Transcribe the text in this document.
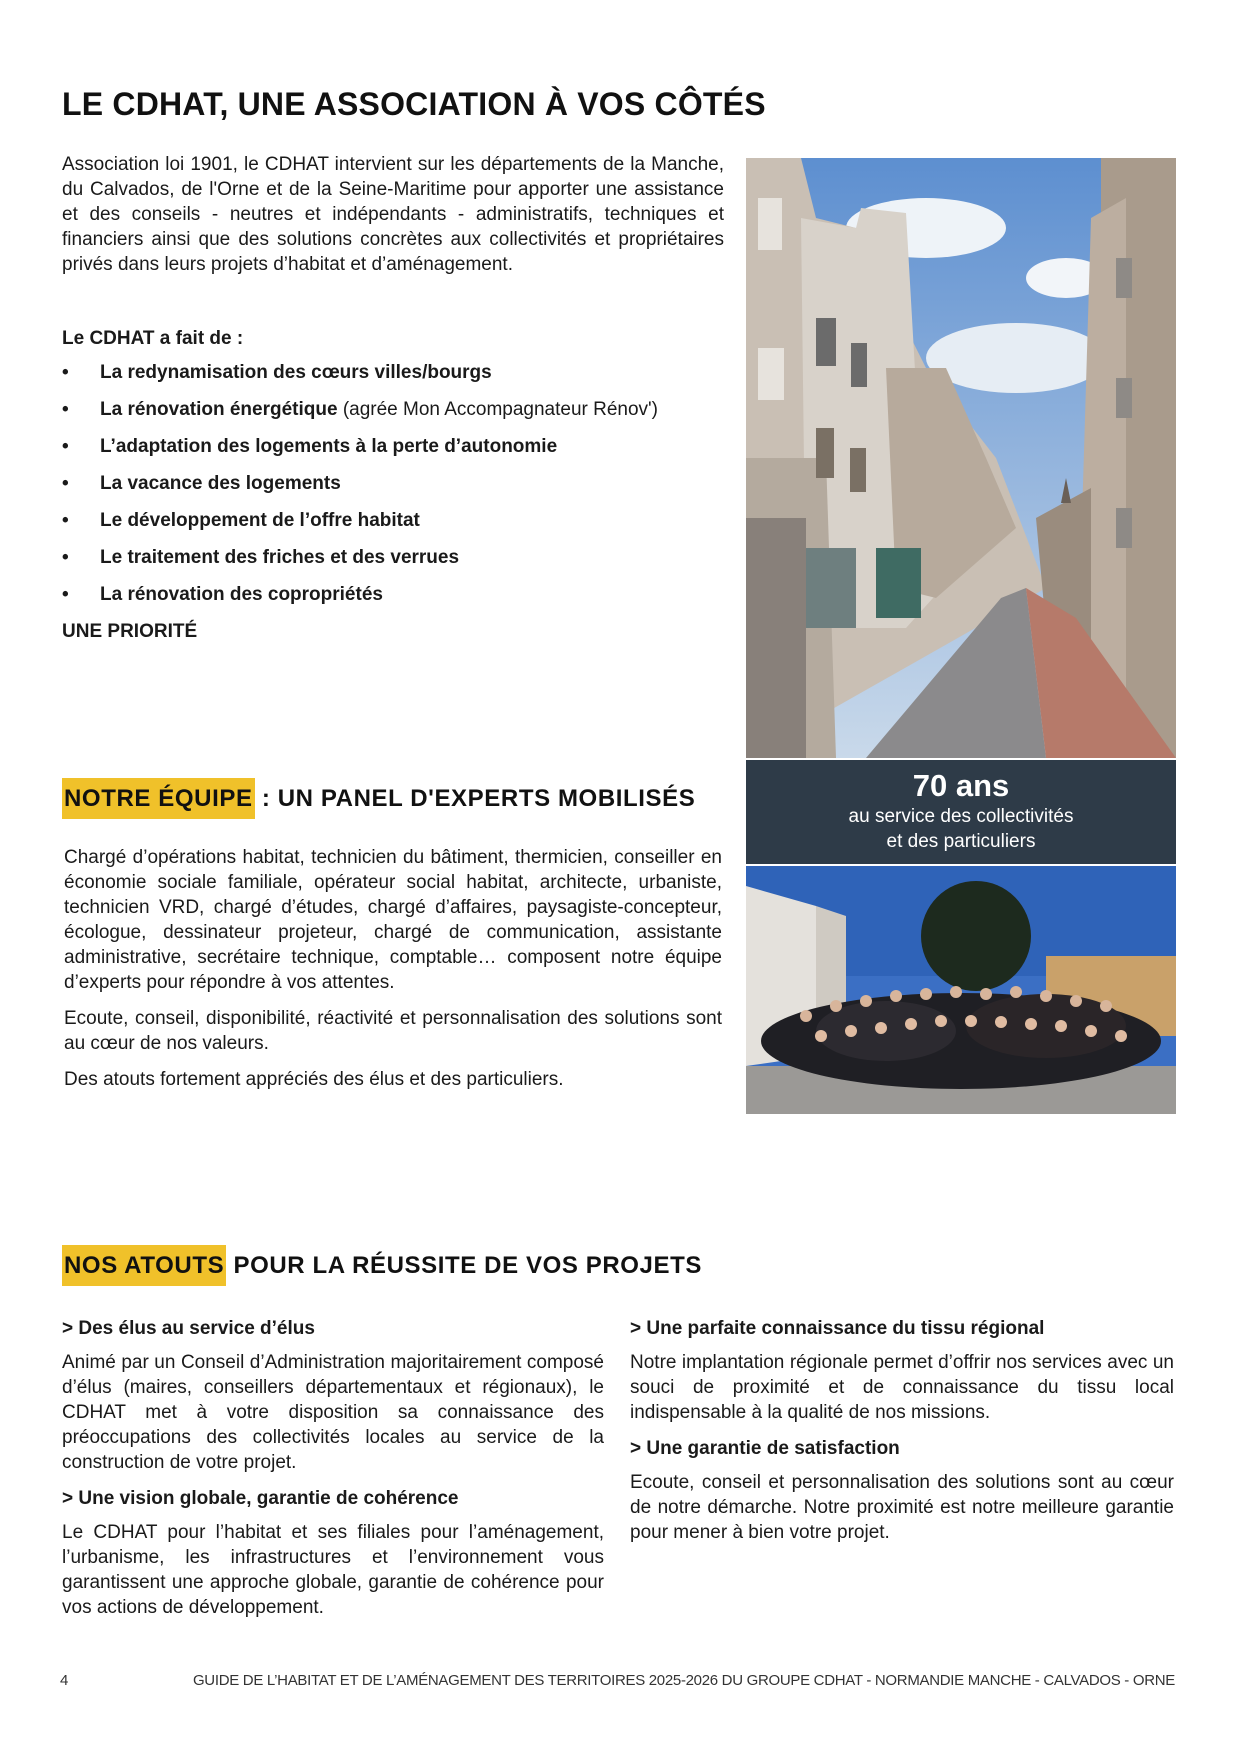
LE CDHAT, UNE ASSOCIATION À VOS CÔTÉS

Association loi 1901, le CDHAT intervient sur les départements de la Manche, du Calvados, de l'Orne et de la Seine-Maritime pour apporter une assistance et des conseils - neutres et indépendants - administratifs, techniques et financiers ainsi que des solutions concrètes aux collectivités et propriétaires privés dans leurs projets d’habitat et d’aménagement.

Le CDHAT a fait de :
• La redynamisation des cœurs villes/bourgs
• La rénovation énergétique (agrée Mon Accompagnateur Rénov')
• L’adaptation des logements à la perte d’autonomie
• La vacance des logements
• Le développement de l’offre habitat
• Le traitement des friches et des verrues
• La rénovation des copropriétés
UNE PRIORITÉ
70 ans
au service des collectivités
et des particuliers
NOTRE ÉQUIPE : UN PANEL D'EXPERTS MOBILISÉS

Chargé d’opérations habitat, technicien du bâtiment, thermicien, conseiller en économie sociale familiale, opérateur social habitat, architecte, urbaniste, technicien VRD, chargé d’études, chargé d’affaires, paysagiste-concepteur, écologue, dessinateur projeteur, chargé de communication, assistante administrative, secrétaire technique, comptable… composent notre équipe d’experts pour répondre à vos attentes.

Ecoute, conseil, disponibilité, réactivité et personnalisation des solutions sont au cœur de nos valeurs.

Des atouts fortement appréciés des élus et des particuliers.

NOS ATOUTS POUR LA RÉUSSITE DE VOS PROJETS
> Des élus au service d’élus

Animé par un Conseil d’Administration majoritairement composé d’élus (maires, conseillers départementaux et régionaux), le CDHAT met à votre disposition sa connaissance des préoccupations des collectivités locales au service de la construction de votre projet.

> Une vision globale, garantie de cohérence

Le CDHAT pour l’habitat et ses filiales pour l’aménagement, l’urbanisme, les infrastructures et l’environnement vous garantissent une approche globale, garantie de cohérence pour vos actions de développement.

> Une parfaite connaissance du tissu régional

Notre implantation régionale permet d’offrir nos services avec un souci de proximité et de connaissance du tissu local indispensable à la qualité de nos missions.

> Une garantie de satisfaction

Ecoute, conseil et personnalisation des solutions sont au cœur de notre démarche. Notre proximité est notre meilleure garantie pour mener à bien votre projet.

4	GUIDE DE L’HABITAT ET DE L’AMÉNAGEMENT DES TERRITOIRES 2025-2026 DU GROUPE CDHAT - NORMANDIE MANCHE - CALVADOS - ORNE
